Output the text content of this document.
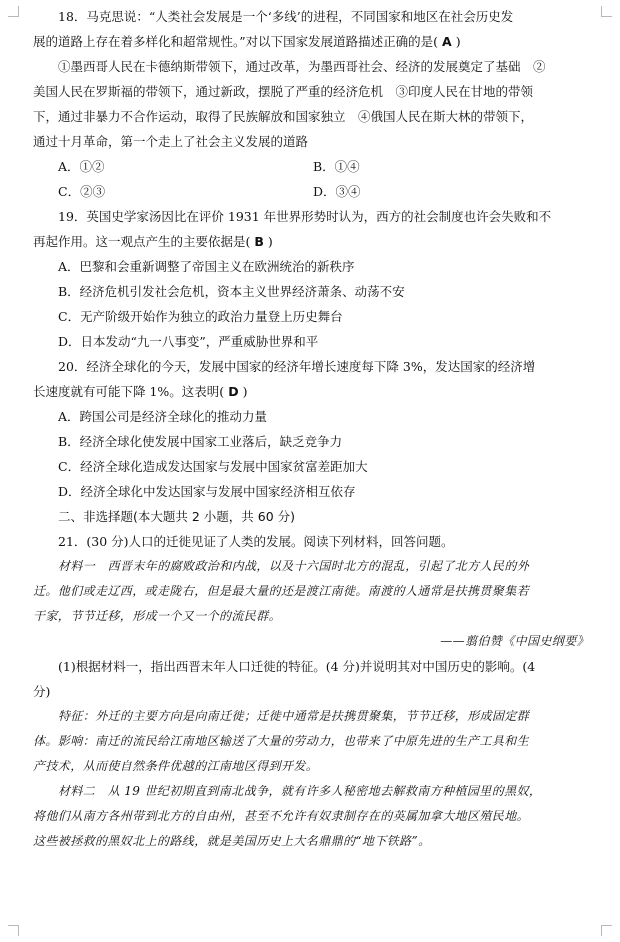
18．马克思说：“人类社会发展是一个‘多线’的进程，不同国家和地区在社会历史发
展的道路上存在着多样化和超常规性。”对以下国家发展道路描述正确的是( A )
①墨西哥人民在卡德纳斯带领下，通过改革，为墨西哥社会、经济的发展奠定了基础　②
美国人民在罗斯福的带领下，通过新政，摆脱了严重的经济危机　③印度人民在甘地的带领
下，通过非暴力不合作运动，取得了民族解放和国家独立　④俄国人民在斯大林的带领下，
通过十月革命，第一个走上了社会主义发展的道路
A．①②	B．①④
C．②③	D．③④
19．英国史学家汤因比在评价 1931 年世界形势时认为，西方的社会制度也许会失败和不
再起作用。这一观点产生的主要依据是( B )
A．巴黎和会重新调整了帝国主义在欧洲统治的新秩序
B．经济危机引发社会危机，资本主义世界经济萧条、动荡不安
C．无产阶级开始作为独立的政治力量登上历史舞台
D．日本发动“九一八事变”，严重威胁世界和平
20．经济全球化的今天，发展中国家的经济年增长速度每下降 3%，发达国家的经济增
长速度就有可能下降 1%。这表明( D )
A．跨国公司是经济全球化的推动力量
B．经济全球化使发展中国家工业落后，缺乏竞争力
C．经济全球化造成发达国家与发展中国家贫富差距加大
D．经济全球化中发达国家与发展中国家经济相互依存
二、非选择题(本大题共 2 小题，共 60 分)
21．(30 分)人口的迁徙见证了人类的发展。阅读下列材料，回答问题。
材料一　西晋末年的腐败政治和内战，以及十六国时北方的混乱，引起了北方人民的外
迁。他们或走辽西，或走陇右，但是最大量的还是渡江南徙。南渡的人通常是扶携贯聚集若
干家，节节迁移，形成一个又一个的流民群。
——翦伯赞《中国史纲要》
(1)根据材料一，指出西晋末年人口迁徙的特征。(4 分)并说明其对中国历史的影响。(4
分)
特征：外迁的主要方向是向南迁徙；迁徙中通常是扶携贯聚集，节节迁移，形成固定群
体。影响：南迁的流民给江南地区输送了大量的劳动力，也带来了中原先进的生产工具和生
产技术，从而使自然条件优越的江南地区得到开发。
材料二　从 19 世纪初期直到南北战争，就有许多人秘密地去解救南方种植园里的黑奴，
将他们从南方各州带到北方的自由州，甚至不允许有奴隶制存在的英属加拿大地区殖民地。
这些被拯救的黑奴北上的路线，就是美国历史上大名鼎鼎的“地下铁路”。
